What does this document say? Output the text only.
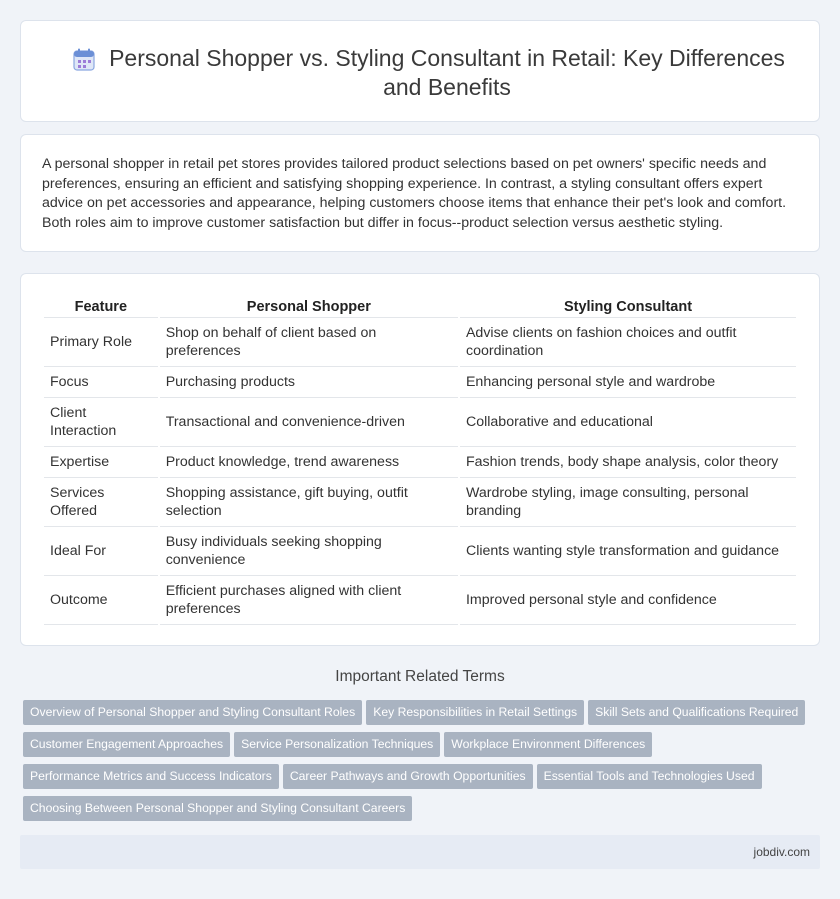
Personal Shopper vs. Styling Consultant in Retail: Key Differences and Benefits

A personal shopper in retail pet stores provides tailored product selections based on pet owners' specific needs and preferences, ensuring an efficient and satisfying shopping experience. In contrast, a styling consultant offers expert advice on pet accessories and appearance, helping customers choose items that enhance their pet's look and comfort. Both roles aim to improve customer satisfaction but differ in focus--product selection versus aesthetic styling.

Feature	Personal Shopper	Styling Consultant
Primary Role	Shop on behalf of client based on preferences	Advise clients on fashion choices and outfit coordination
Focus	Purchasing products	Enhancing personal style and wardrobe
Client Interaction	Transactional and convenience-driven	Collaborative and educational
Expertise	Product knowledge, trend awareness	Fashion trends, body shape analysis, color theory
Services Offered	Shopping assistance, gift buying, outfit selection	Wardrobe styling, image consulting, personal branding
Ideal For	Busy individuals seeking shopping convenience	Clients wanting style transformation and guidance
Outcome	Efficient purchases aligned with client preferences	Improved personal style and confidence
Important Related Terms
Overview of Personal Shopper and Styling Consultant Roles Key Responsibilities in Retail Settings Skill Sets and Qualifications Required
Customer Engagement Approaches Service Personalization Techniques Workplace Environment Differences
Performance Metrics and Success Indicators Career Pathways and Growth Opportunities Essential Tools and Technologies Used
Choosing Between Personal Shopper and Styling Consultant Careers
jobdiv.com
